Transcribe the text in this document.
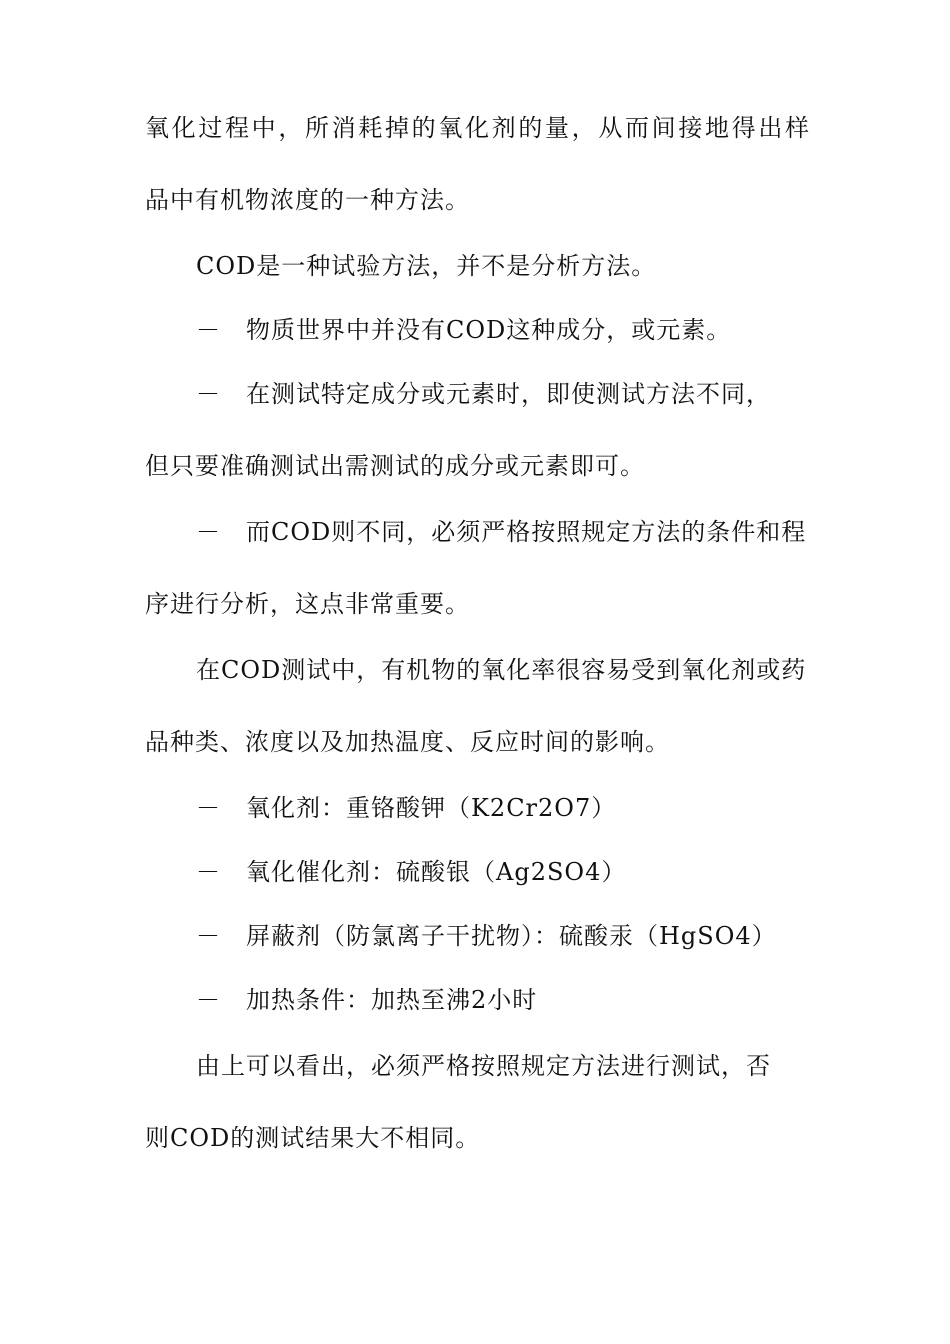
氧化过程中，所消耗掉的氧化剂的量，从而间接地得出样
品中有机物浓度的一种方法。
COD是一种试验方法，并不是分析方法。
－ 物质世界中并没有COD这种成分，或元素。
－ 在测试特定成分或元素时，即使测试方法不同，
但只要准确测试出需测试的成分或元素即可。
－ 而COD则不同，必须严格按照规定方法的条件和程
序进行分析，这点非常重要。
在COD测试中，有机物的氧化率很容易受到氧化剂或药
品种类、浓度以及加热温度、反应时间的影响。
－ 氧化剂：重铬酸钾（K2Cr2O7）
－ 氧化催化剂：硫酸银（Ag2SO4）
－ 屏蔽剂（防氯离子干扰物）：硫酸汞（HgSO4）
－ 加热条件：加热至沸2小时
由上可以看出，必须严格按照规定方法进行测试，否
则COD的测试结果大不相同。
